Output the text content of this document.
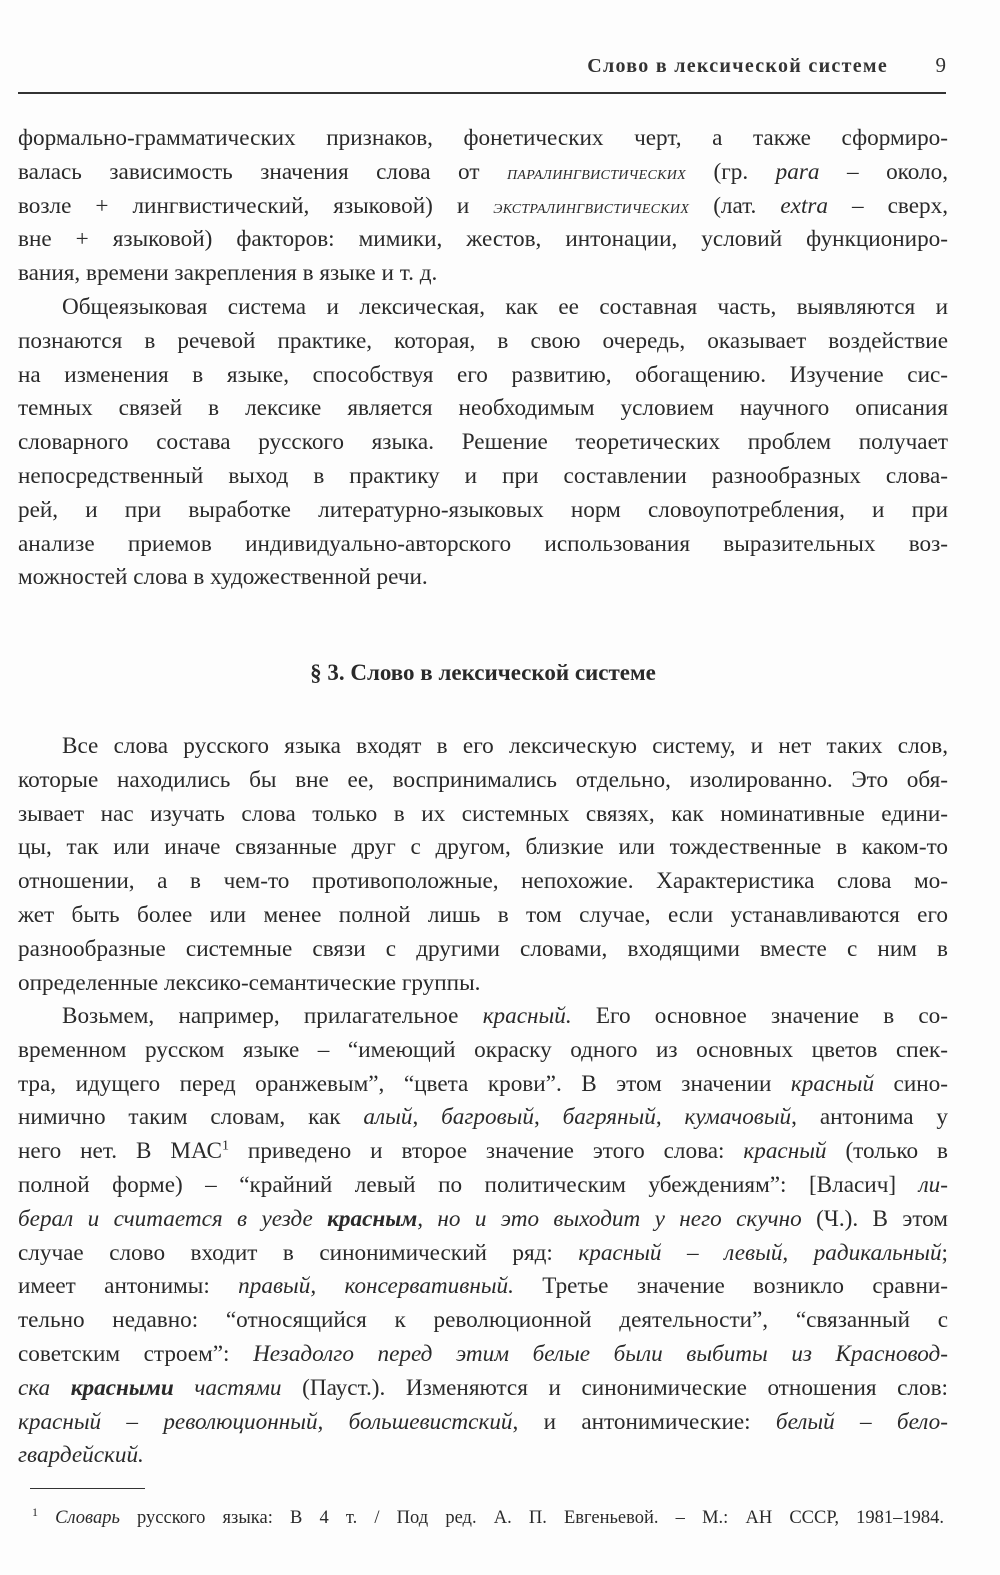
Слово в лексической системе 9
формально-грамматических признаков, фонетических черт, а также сформиро-
валась зависимость значения слова от паралингвистических (гр. para – около,
возле + лингвистический, языковой) и экстралингвистических (лат. extra – сверх,
вне + языковой) факторов: мимики, жестов, интонации, условий функциониро-
вания, времени закрепления в языке и т. д.
Общеязыковая система и лексическая, как ее составная часть, выявляются и
познаются в речевой практике, которая, в свою очередь, оказывает воздействие
на изменения в языке, способствуя его развитию, обогащению. Изучение сис-
темных связей в лексике является необходимым условием научного описания
словарного состава русского языка. Решение теоретических проблем получает
непосредственный выход в практику и при составлении разнообразных слова-
рей, и при выработке литературно-языковых норм словоупотребления, и при
анализе приемов индивидуально-авторского использования выразительных воз-
можностей слова в художественной речи.
§ 3. Слово в лексической системе
Все слова русского языка входят в его лексическую систему, и нет таких слов,
которые находились бы вне ее, воспринимались отдельно, изолированно. Это обя-
зывает нас изучать слова только в их системных связях, как номинативные едини-
цы, так или иначе связанные друг с другом, близкие или тождественные в каком-то
отношении, а в чем-то противоположные, непохожие. Характеристика слова мо-
жет быть более или менее полной лишь в том случае, если устанавливаются его
разнообразные системные связи с другими словами, входящими вместе с ним в
определенные лексико-семантические группы.
Возьмем, например, прилагательное красный. Его основное значение в со-
временном русском языке – “имеющий окраску одного из основных цветов спек-
тра, идущего перед оранжевым”, “цвета крови”. В этом значении красный сино-
нимично таким словам, как алый, багровый, багряный, кумачовый, антонима у
него нет. В МАС$^1$ приведено и второе значение этого слова: красный (только в
полной форме) – “крайний левый по политическим убеждениям”: [Власич] ли-
берал и считается в уезде красным, но и это выходит у него скучно (Ч.). В этом
случае слово входит в синонимический ряд: красный – левый, радикальный;
имеет антонимы: правый, консервативный. Третье значение возникло сравни-
тельно недавно: “относящийся к революционной деятельности”, “связанный с
советским строем”: Незадолго перед этим белые были выбиты из Красновод-
ска красными частями (Пауст.). Изменяются и синонимические отношения слов:
красный – революционный, большевистский, и антонимические: белый – бело-
гвардейский.
$^1$ Словарь русского языка: В 4 т. / Под ред. А. П. Евгеньевой. – М.: АН СССР, 1981–1984.
